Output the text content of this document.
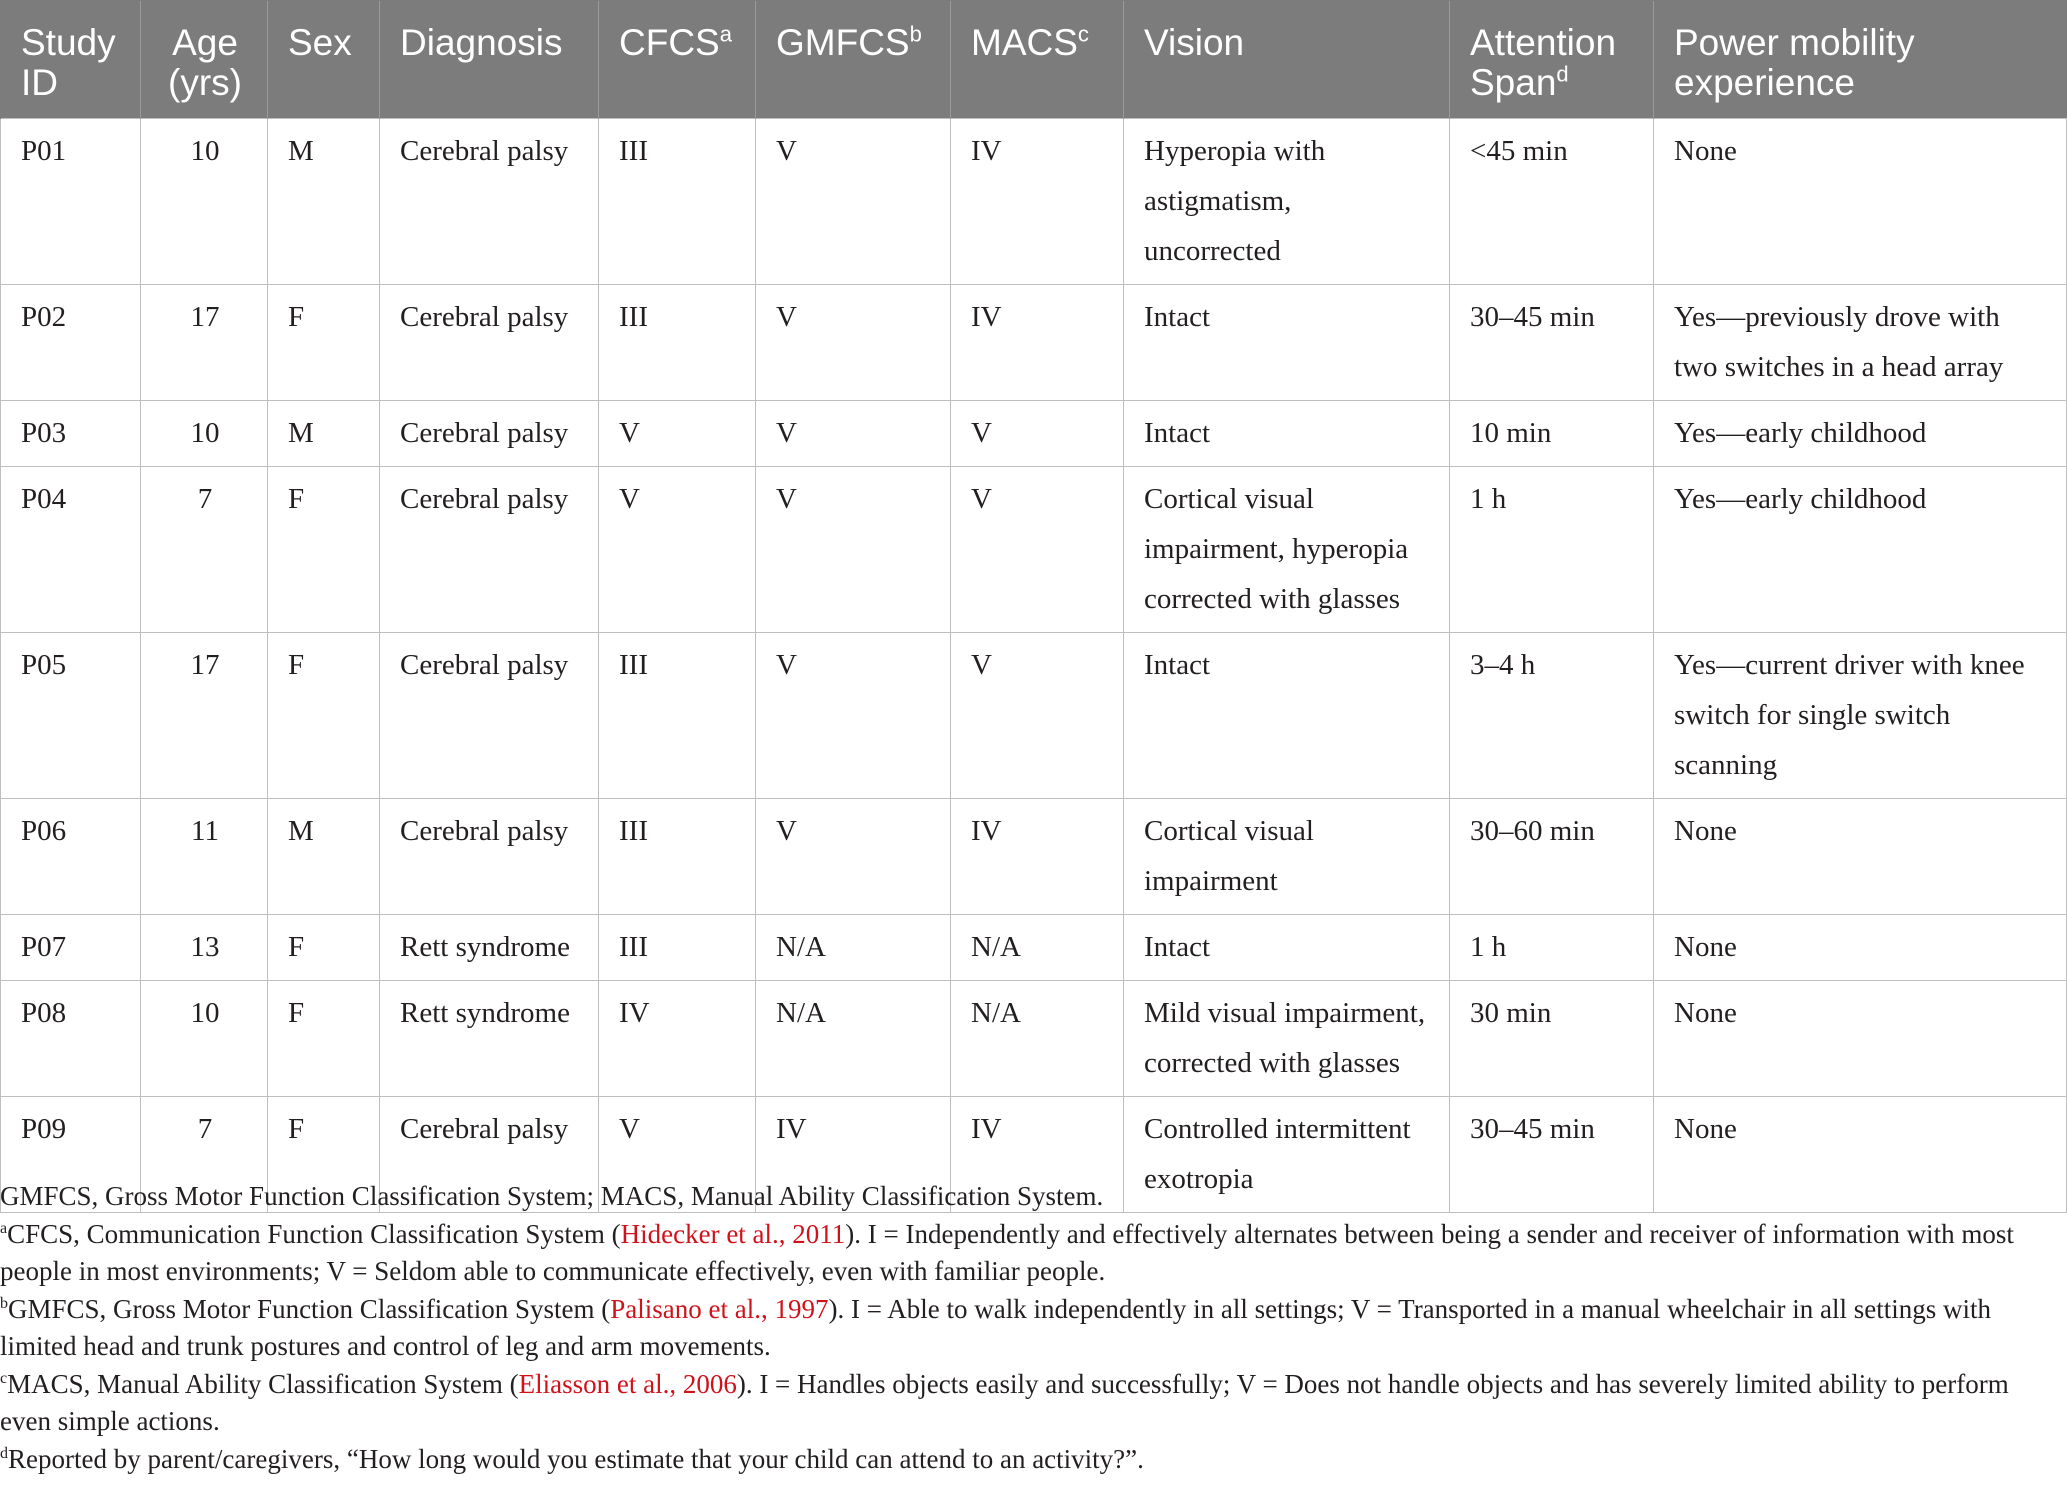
Study ID	Age (yrs)	Sex	Diagnosis	CFCS$^a$	GMFCS$^b$	MACS$^c$	Vision	Attention Span$^d$	Power mobility experience
P01	10	M	Cerebral palsy	III	V	IV	Hyperopia with astigmatism, uncorrected	<45 min	None
P02	17	F	Cerebral palsy	III	V	IV	Intact	30–45 min	Yes—previously drove with two switches in a head array
P03	10	M	Cerebral palsy	V	V	V	Intact	10 min	Yes—early childhood
P04	7	F	Cerebral palsy	V	V	V	Cortical visual impairment, hyperopia corrected with glasses	1 h	Yes—early childhood
P05	17	F	Cerebral palsy	III	V	V	Intact	3–4 h	Yes—current driver with knee switch for single switch scanning
P06	11	M	Cerebral palsy	III	V	IV	Cortical visual impairment	30–60 min	None
P07	13	F	Rett syndrome	III	N/A	N/A	Intact	1 h	None
P08	10	F	Rett syndrome	IV	N/A	N/A	Mild visual impairment, corrected with glasses	30 min	None
P09	7	F	Cerebral palsy	V	IV	IV	Controlled intermittent exotropia	30–45 min	None

GMFCS, Gross Motor Function Classification System; MACS, Manual Ability Classification System.

$^a$CFCS, Communication Function Classification System (Hidecker et al., 2011). I = Independently and effectively alternates between being a sender and receiver of information with most people in most environments; V = Seldom able to communicate effectively, even with familiar people.

$^b$GMFCS, Gross Motor Function Classification System (Palisano et al., 1997). I = Able to walk independently in all settings; V = Transported in a manual wheelchair in all settings with limited head and trunk postures and control of leg and arm movements.

$^c$MACS, Manual Ability Classification System (Eliasson et al., 2006). I = Handles objects easily and successfully; V = Does not handle objects and has severely limited ability to perform even simple actions.

$^d$Reported by parent/caregivers, “How long would you estimate that your child can attend to an activity?”.
